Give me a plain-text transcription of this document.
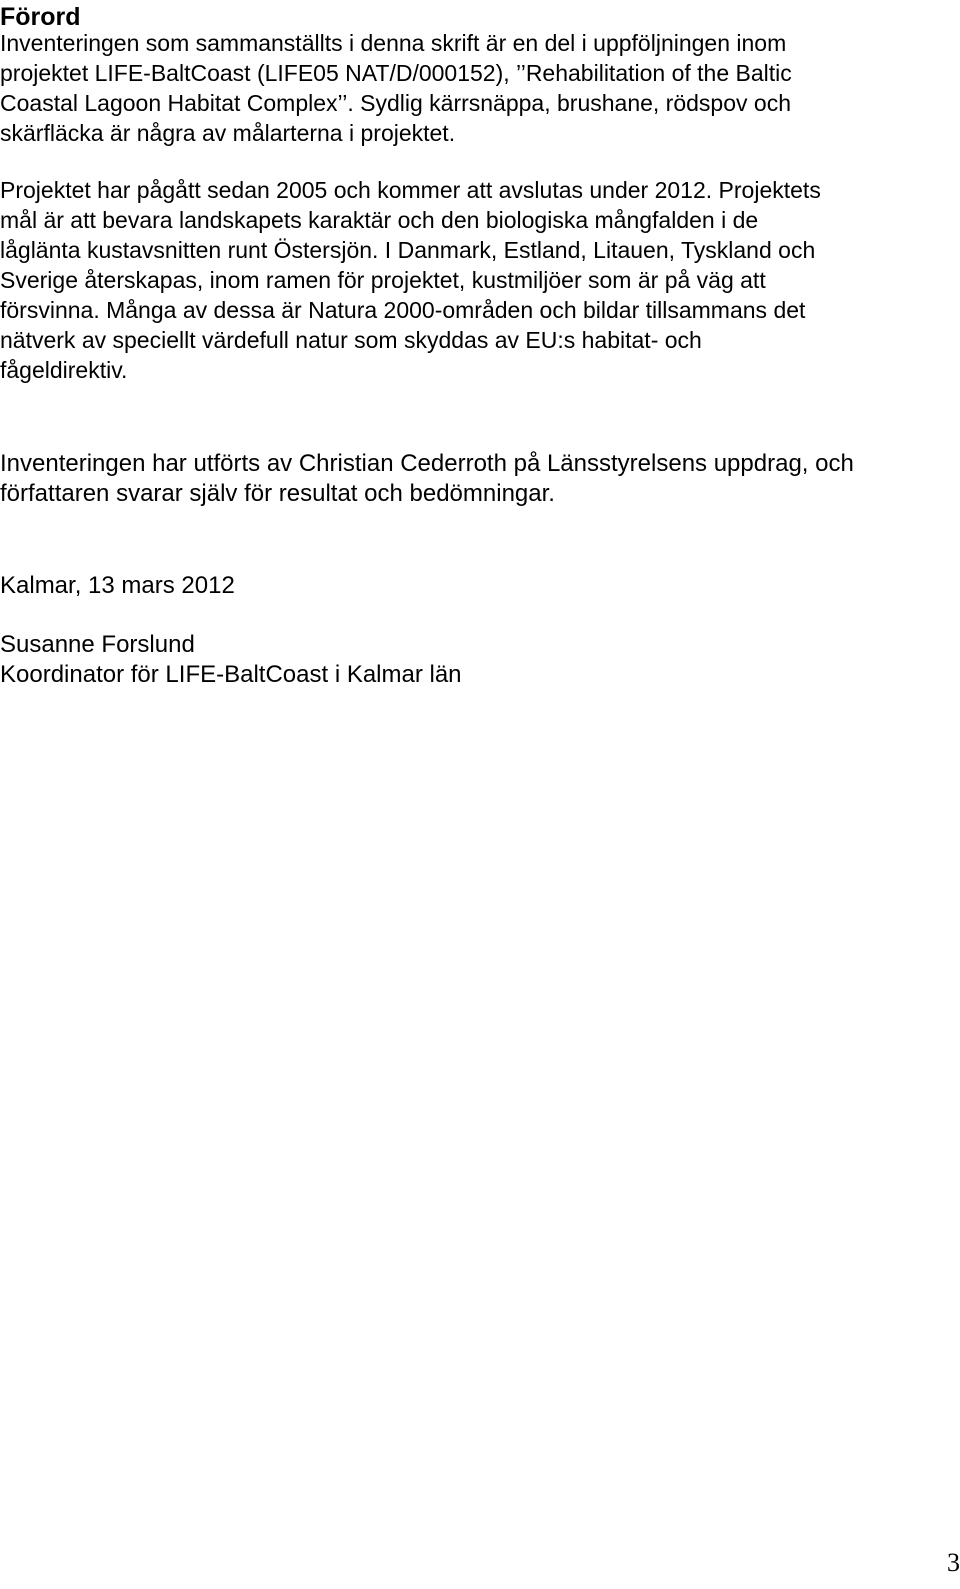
Förord

Inventeringen som sammanställts i denna skrift är en del i uppföljningen inom
projektet LIFE-BaltCoast (LIFE05 NAT/D/000152), ’’Rehabilitation of the Baltic
Coastal Lagoon Habitat Complex’’. Sydlig kärrsnäppa, brushane, rödspov och
skärfläcka är några av målarterna i projektet.

Projektet har pågått sedan 2005 och kommer att avslutas under 2012. Projektets
mål är att bevara landskapets karaktär och den biologiska mångfalden i de
låglänta kustavsnitten runt Östersjön. I Danmark, Estland, Litauen, Tyskland och
Sverige återskapas, inom ramen för projektet, kustmiljöer som är på väg att
försvinna. Många av dessa är Natura 2000-områden och bildar tillsammans det
nätverk av speciellt värdefull natur som skyddas av EU:s habitat- och
fågeldirektiv.

Inventeringen har utförts av Christian Cederroth på Länsstyrelsens uppdrag, och
författaren svarar själv för resultat och bedömningar.

Kalmar, 13 mars 2012

Susanne Forslund
Koordinator för LIFE-BaltCoast i Kalmar län

3
